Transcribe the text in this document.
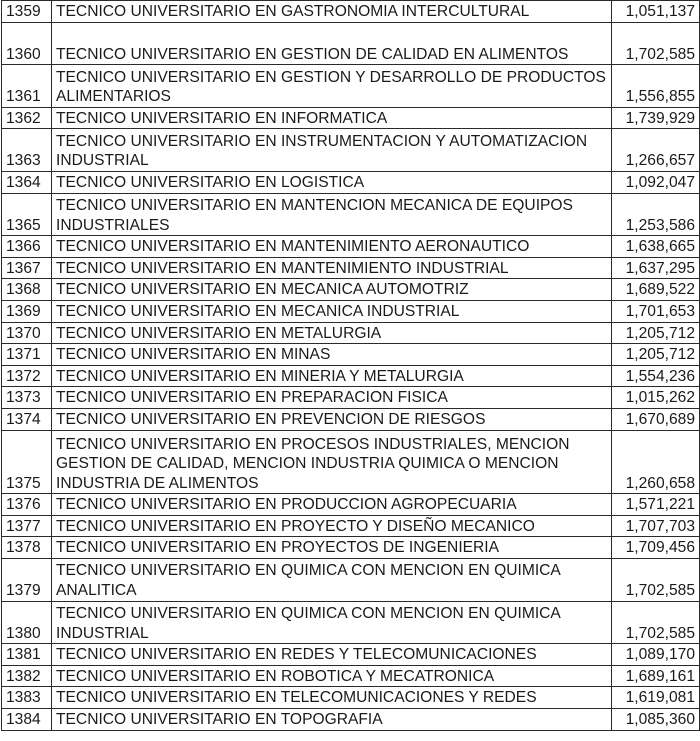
1359	TECNICO UNIVERSITARIO EN GASTRONOMIA INTERCULTURAL	1,051,137
1360	TECNICO UNIVERSITARIO EN GESTION DE CALIDAD EN ALIMENTOS	1,702,585
1361	TECNICO UNIVERSITARIO EN GESTION Y DESARROLLO DE PRODUCTOS ALIMENTARIOS	1,556,855
1362	TECNICO UNIVERSITARIO EN INFORMATICA	1,739,929
1363	TECNICO UNIVERSITARIO EN INSTRUMENTACION Y AUTOMATIZACION INDUSTRIAL	1,266,657
1364	TECNICO UNIVERSITARIO EN LOGISTICA	1,092,047
1365	TECNICO UNIVERSITARIO EN MANTENCION MECANICA DE EQUIPOS INDUSTRIALES	1,253,586
1366	TECNICO UNIVERSITARIO EN MANTENIMIENTO AERONAUTICO	1,638,665
1367	TECNICO UNIVERSITARIO EN MANTENIMIENTO INDUSTRIAL	1,637,295
1368	TECNICO UNIVERSITARIO EN MECANICA AUTOMOTRIZ	1,689,522
1369	TECNICO UNIVERSITARIO EN MECANICA INDUSTRIAL	1,701,653
1370	TECNICO UNIVERSITARIO EN METALURGIA	1,205,712
1371	TECNICO UNIVERSITARIO EN MINAS	1,205,712
1372	TECNICO UNIVERSITARIO EN MINERIA Y METALURGIA	1,554,236
1373	TECNICO UNIVERSITARIO EN PREPARACION FISICA	1,015,262
1374	TECNICO UNIVERSITARIO EN PREVENCION DE RIESGOS	1,670,689
1375	TECNICO UNIVERSITARIO EN PROCESOS INDUSTRIALES, MENCION GESTION DE CALIDAD, MENCION INDUSTRIA QUIMICA O MENCION INDUSTRIA DE ALIMENTOS	1,260,658
1376	TECNICO UNIVERSITARIO EN PRODUCCION AGROPECUARIA	1,571,221
1377	TECNICO UNIVERSITARIO EN PROYECTO Y DISEÑO MECANICO	1,707,703
1378	TECNICO UNIVERSITARIO EN PROYECTOS DE INGENIERIA	1,709,456
1379	TECNICO UNIVERSITARIO EN QUIMICA CON MENCION EN QUIMICA ANALITICA	1,702,585
1380	TECNICO UNIVERSITARIO EN QUIMICA CON MENCION EN QUIMICA INDUSTRIAL	1,702,585
1381	TECNICO UNIVERSITARIO EN REDES Y TELECOMUNICACIONES	1,089,170
1382	TECNICO UNIVERSITARIO EN ROBOTICA Y MECATRONICA	1,689,161
1383	TECNICO UNIVERSITARIO EN TELECOMUNICACIONES Y REDES	1,619,081
1384	TECNICO UNIVERSITARIO EN TOPOGRAFIA	1,085,360
